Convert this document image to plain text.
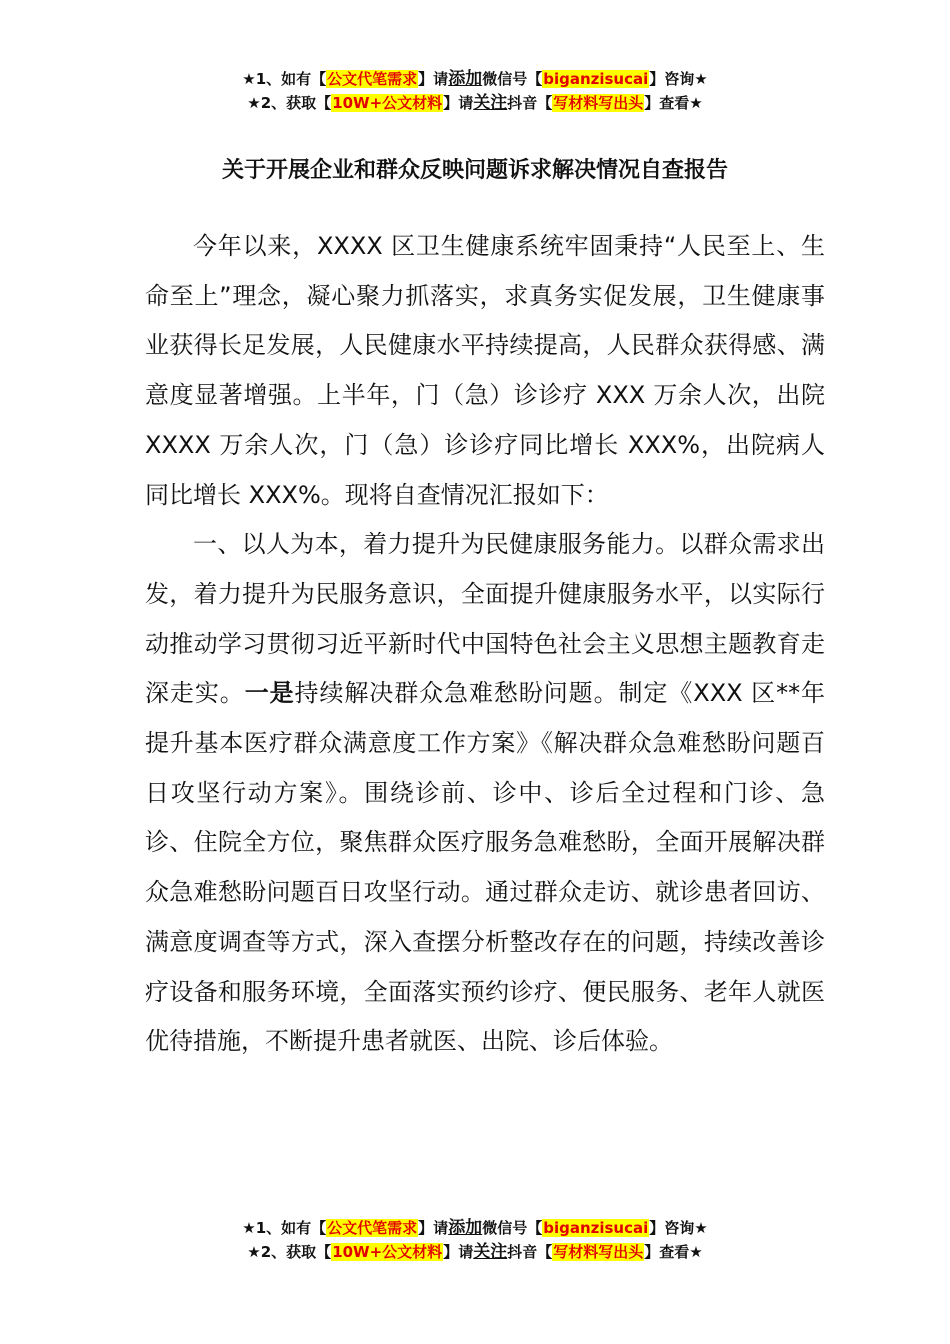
★1、如有【公文代笔需求】请添加微信号【biganzisucai】咨询★
★2、获取【10W+公文材料】请关注抖音【写材料写出头】查看★
关于开展企业和群众反映问题诉求解决情况自查报告

今年以来，XXXX 区卫生健康系统牢固秉持“人民至上、生命至上”理念，凝心聚力抓落实，求真务实促发展，卫生健康事业获得长足发展，人民健康水平持续提高，人民群众获得感、满意度显著增强。上半年，门（急）诊诊疗 XXX 万余人次，出院 XXXX 万余人次，门（急）诊诊疗同比增长 XXX%，出院病人同比增长 XXX%。现将自查情况汇报如下：

一、以人为本，着力提升为民健康服务能力。以群众需求出发，着力提升为民服务意识，全面提升健康服务水平，以实际行动推动学习贯彻习近平新时代中国特色社会主义思想主题教育走深走实。一是持续解决群众急难愁盼问题。制定《XXX 区**年提升基本医疗群众满意度工作方案》《解决群众急难愁盼问题百日攻坚行动方案》。围绕诊前、诊中、诊后全过程和门诊、急诊、住院全方位，聚焦群众医疗服务急难愁盼，全面开展解决群众急难愁盼问题百日攻坚行动。通过群众走访、就诊患者回访、满意度调查等方式，深入查摆分析整改存在的问题，持续改善诊疗设备和服务环境，全面落实预约诊疗、便民服务、老年人就医优待措施，不断提升患者就医、出院、诊后体验。

★1、如有【公文代笔需求】请添加微信号【biganzisucai】咨询★
★2、获取【10W+公文材料】请关注抖音【写材料写出头】查看★
